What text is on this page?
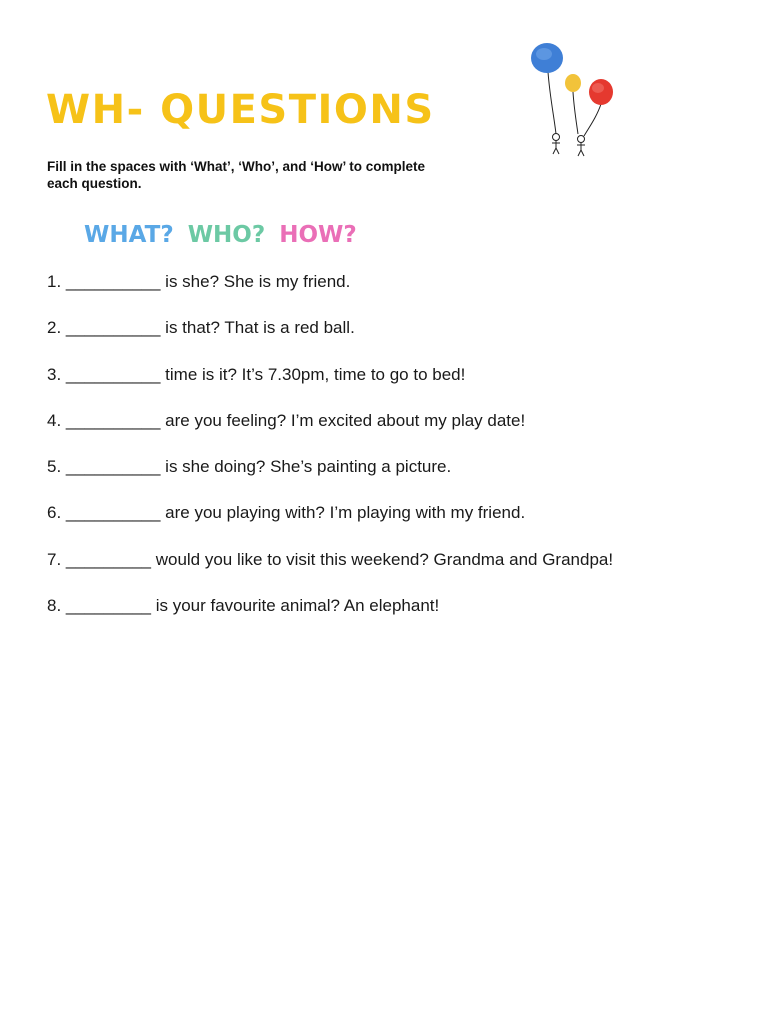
WH- QUESTIONS

Fill in the spaces with ‘What’, ‘Who’, and ‘How’ to complete each question.

WHAT? WHO? HOW?
1. __________ is she? She is my friend.
2. __________ is that? That is a red ball.
3. __________ time is it? It’s 7.30pm, time to go to bed!
4. __________ are you feeling? I’m excited about my play date!
5. __________ is she doing? She’s painting a picture.
6. __________ are you playing with? I’m playing with my friend.
7. _________ would you like to visit this weekend? Grandma and Grandpa!
8. _________ is your favourite animal? An elephant!
